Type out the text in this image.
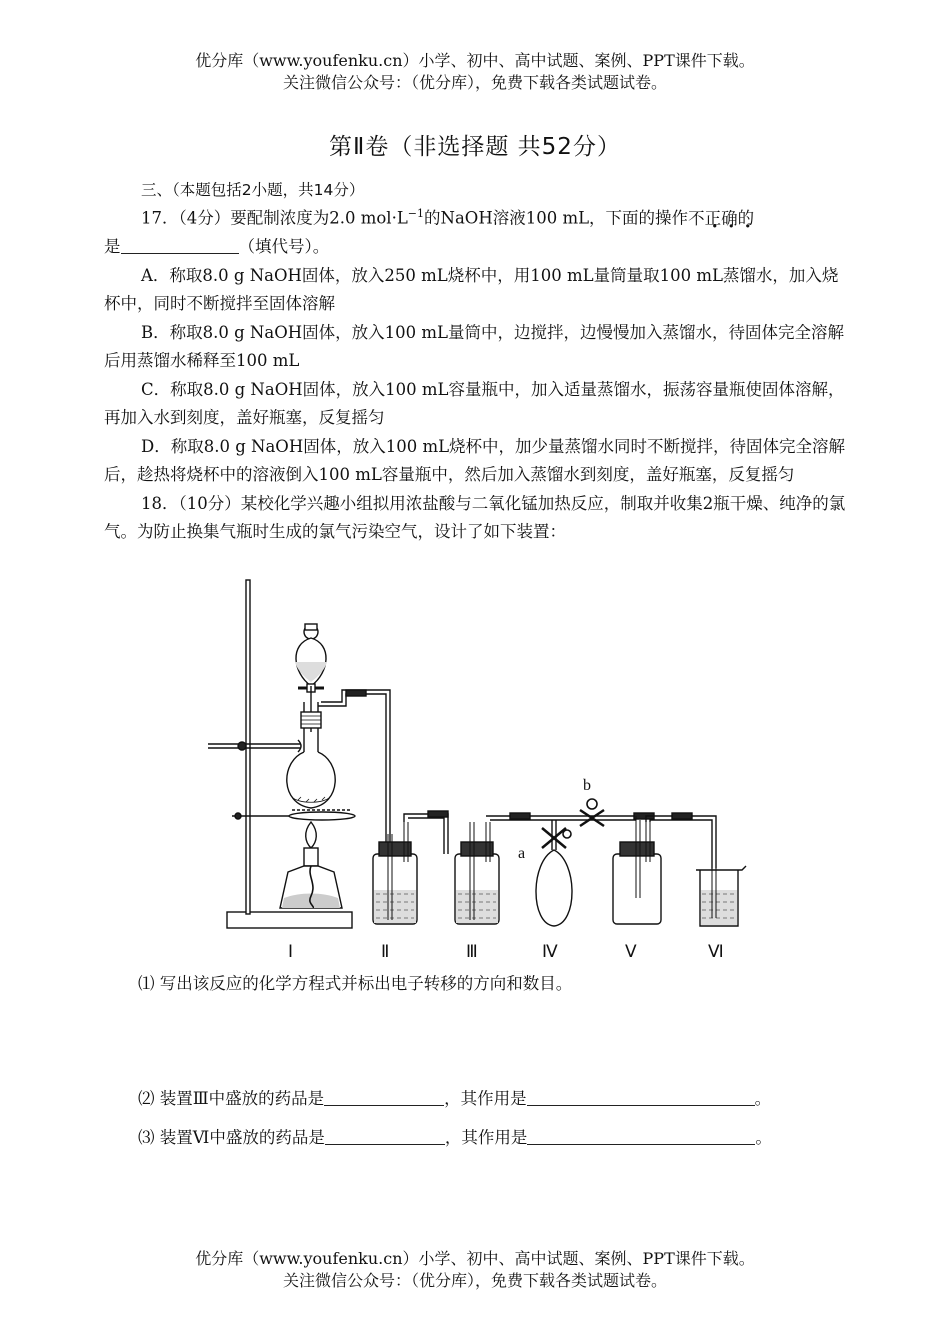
优分库（www.youfenku.cn）小学、初中、高中试题、案例、PPT课件下载。
关注微信公众号：（优分库），免费下载各类试题试卷。
第Ⅱ卷（非选择题 共52分）
三、（本题包括2小题，共14分）
17．（4分）要配制浓度为2.0 $mol\cdot L^{-1}$的NaOH溶液100 mL，下面的操作不正确的
是	（填代号）。
A．称取8.0 g NaOH固体，放入250 mL烧杯中，用100 mL量筒量取100 mL蒸馏水，加入烧杯中，同时不断搅拌至固体溶解
B．称取8.0 g NaOH固体，放入100 mL量筒中，边搅拌，边慢慢加入蒸馏水，待固体完全溶解后用蒸馏水稀释至100 mL
C．称取8.0 g NaOH固体，放入100 mL容量瓶中，加入适量蒸馏水，振荡容量瓶使固体溶解，再加入水到刻度，盖好瓶塞，反复摇匀
D．称取8.0 g NaOH固体，放入100 mL烧杯中，加少量蒸馏水同时不断搅拌，待固体完全溶解后，趁热将烧杯中的溶液倒入100 mL容量瓶中，然后加入蒸馏水到刻度，盖好瓶塞，反复摇匀
18．（10分）某校化学兴趣小组拟用浓盐酸与二氧化锰加热反应，制取并收集2瓶干燥、纯净的氯气。为防止换集气瓶时生成的氯气污染空气，设计了如下装置：
Ⅰ	Ⅱ	Ⅲ	Ⅳ	Ⅴ	Ⅵ
a
b
⑴ 写出该反应的化学方程式并标出电子转移的方向和数目。
⑵ 装置Ⅲ中盛放的药品是	，其作用是	。
⑶ 装置Ⅵ中盛放的药品是	，其作用是	。
优分库（www.youfenku.cn）小学、初中、高中试题、案例、PPT课件下载。
关注微信公众号：（优分库），免费下载各类试题试卷。
